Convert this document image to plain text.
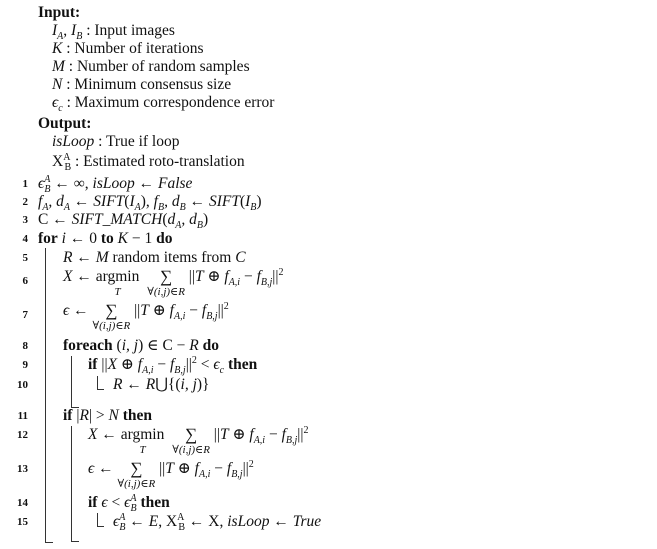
Input:
$I_A$, $I_B$ : Input images
K : Number of iterations
M : Number of random samples
N : Minimum consensus size
$\epsilon_c$ : Maximum correspondence error
Output:
isLoop : True if loop
$X^A_B$ : Estimated roto-translation
1
2
3
4
5
6
7
8
9
10
11
12
13
14
15
$\epsilon^A_B$ ← ∞, isLoop ← False
$f_A$, $d_A$ ← $SIFT(I_A)$, $f_B$, $d_B$ ← $SIFT(I_B)$
C ← $SIFT\_MATCH(d_A$, $d_B$)
for i ← 0 to K − 1 do
R ← M random items from C
X ← argmin
T

∑
∀(i,j)∈R
||T ⊕ $f_{A,i} - f_{B,j}||^2$
ϵ ← ∑
∀(i,j)∈R
||T ⊕ $f_{A,i} - f_{B,j}||^2$
foreach (i, j) ∈ C − R do
if ||X ⊕ $f_{A,i} - f_{B,j}||^2 < \epsilon_c$ then
R ← R⋃{(i, j)}
if |R| > N then
X ← argmin
T

∑
∀(i,j)∈R
||T ⊕ $f_{A,i} - f_{B,j}||^2$
ϵ ← ∑
∀(i,j)∈R
||T ⊕ $f_{A,i} - f_{B,j}||^2$
if $\epsilon < \epsilon^A_B$ then
$\epsilon^A_B$ ← E, $X^A_B$ ← X, isLoop ← True
